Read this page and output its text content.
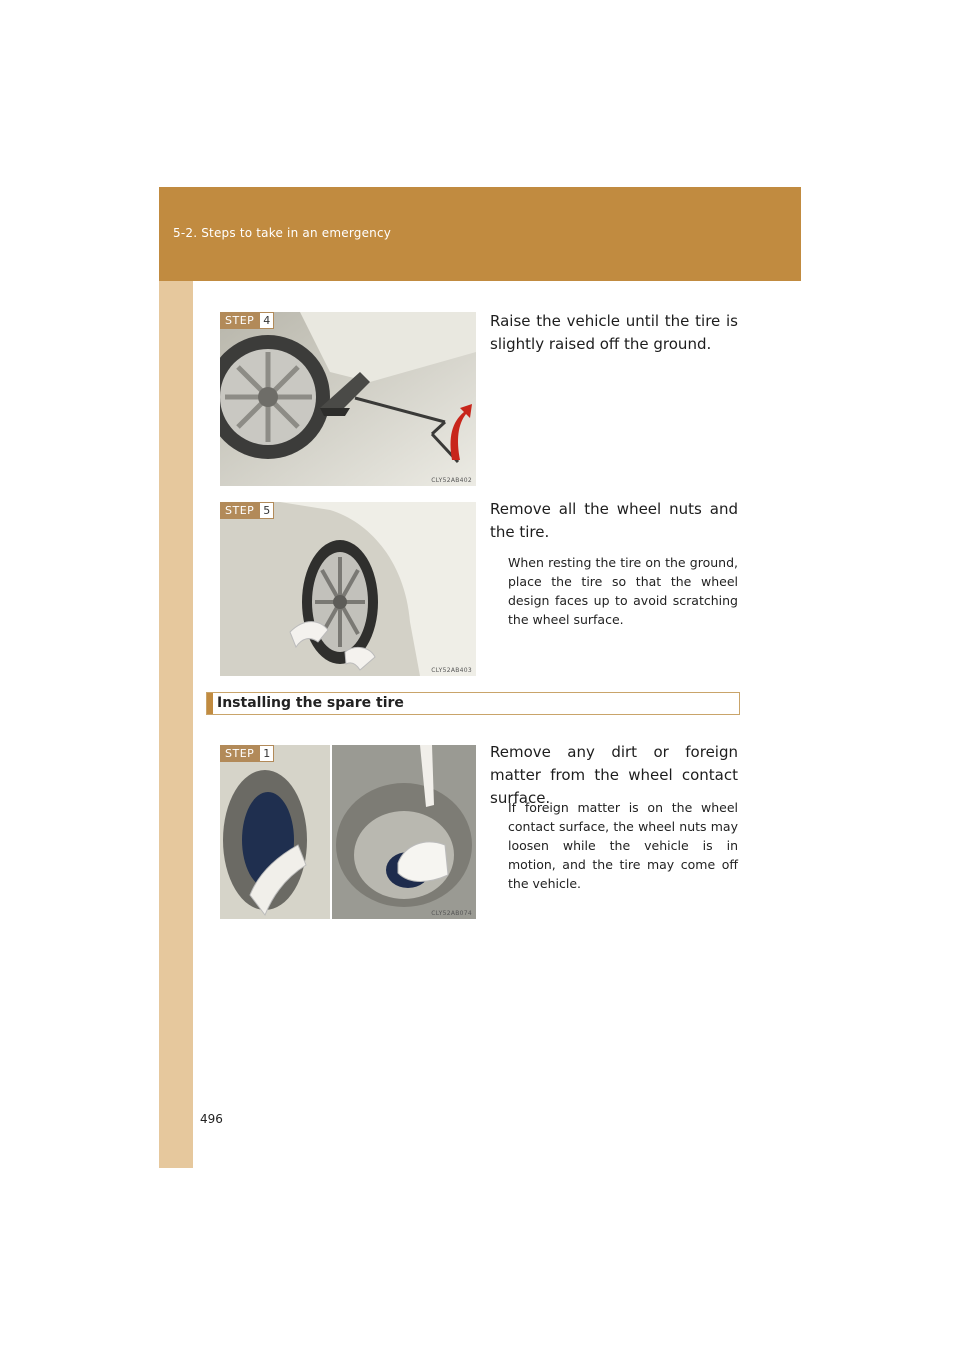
5-2. Steps to take in an emergency
STEP 4
CLY52AB402
Raise the vehicle until the tire is slightly raised off the ground.
STEP 5
CLY52AB403
Remove all the wheel nuts and the tire.
When resting the tire on the ground, place the tire so that the wheel design faces up to avoid scratching the wheel surface.
Installing the spare tire
STEP 1
CLY52AB074
Remove any dirt or foreign matter from the wheel contact surface.
If foreign matter is on the wheel contact surface, the wheel nuts may loosen while the vehicle is in motion, and the tire may come off the vehicle.
496
